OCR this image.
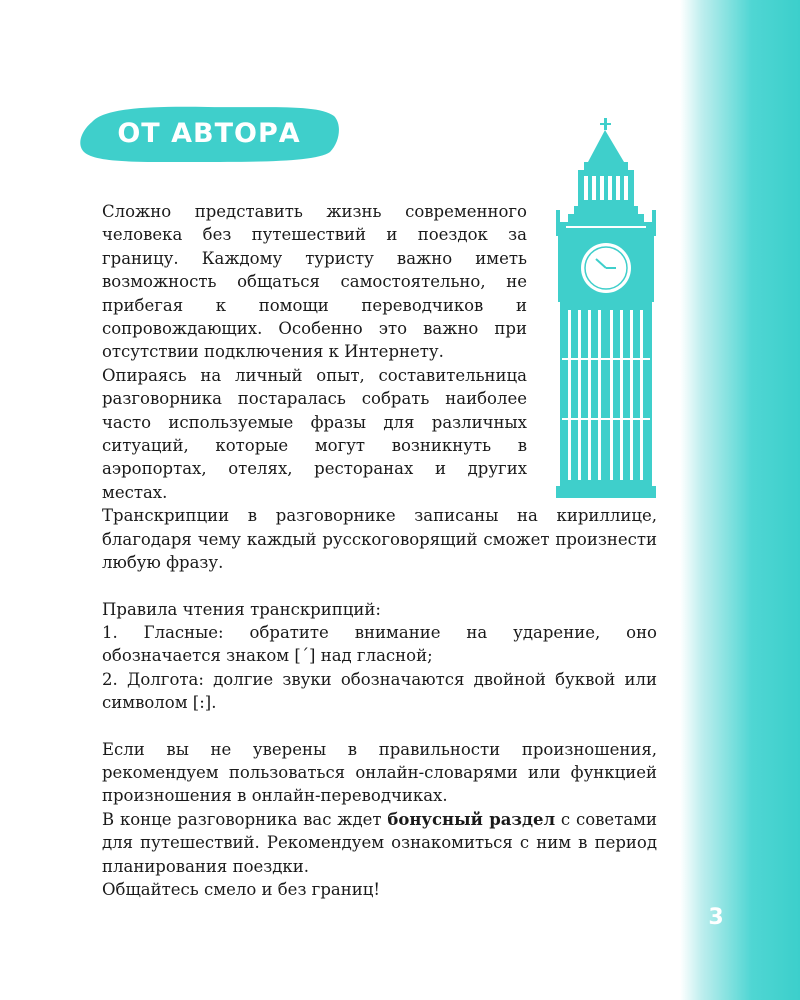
3
ОТ АВТОРА

Сложно представить жизнь современного человека без путешествий и поездок за границу. Каждому туристу важно иметь возможность общаться самостоятельно, не прибегая к помощи переводчиков и сопровождающих. Особенно это важно при отсутствии подключения к Интернету.

Опираясь на личный опыт, составительница разговорника постаралась собрать наиболее часто используемые фразы для различных ситуаций, которые могут возникнуть в аэропортах, отелях, ресторанах и других местах.

Транскрипции в разговорнике записаны на кириллице, благодаря чему каждый русскоговорящий сможет произнести любую фразу.

Правила чтения транскрипций:

1. Гласные: обратите внимание на ударение, оно обозначается знаком [´] над гласной;

2. Долгота: долгие звуки обозначаются двойной буквой или символом [:].

Если вы не уверены в правильности произношения, рекомендуем пользоваться онлайн-словарями или функцией произношения в онлайн-переводчиках.

В конце разговорника вас ждет бонусный раздел с советами для путешествий. Рекомендуем ознакомиться с ним в период планирования поездки.

Общайтесь смело и без границ!
